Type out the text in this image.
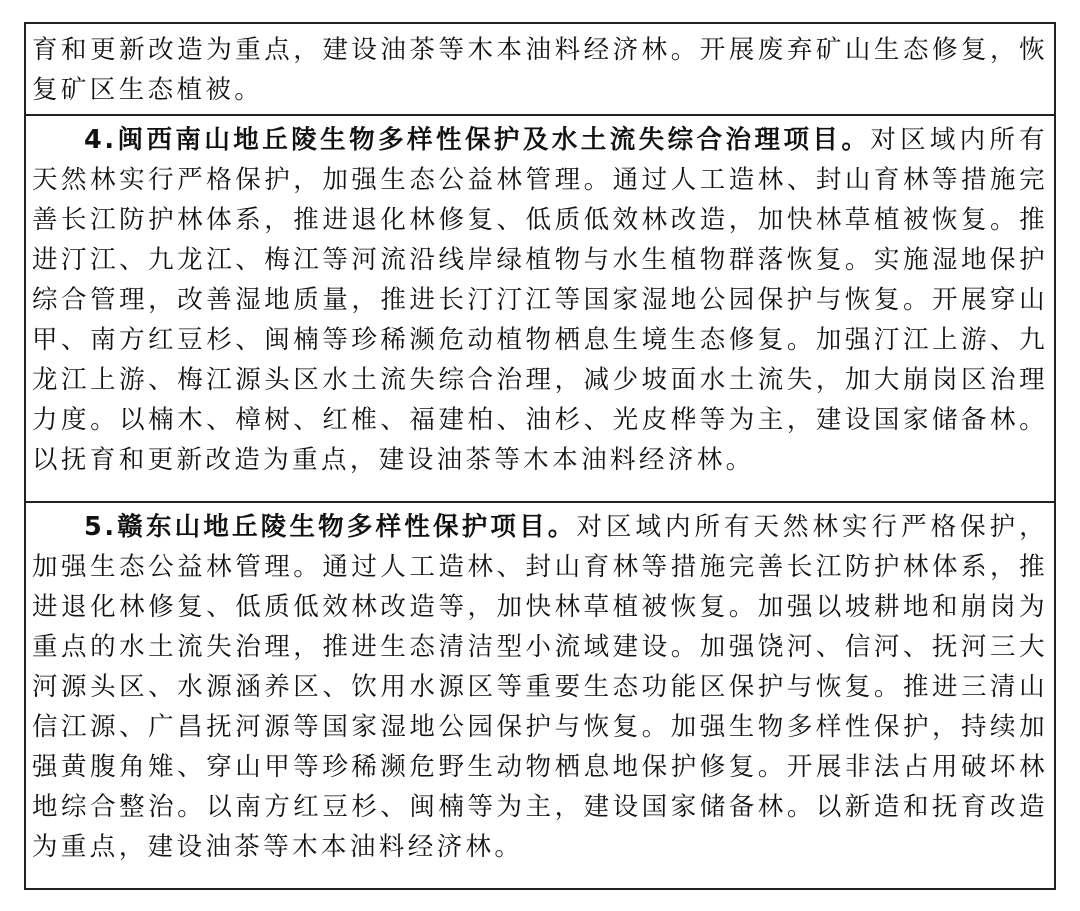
育和更新改造为重点，建设油茶等木本油料经济林。开展废弃矿山生态修复，恢复矿区生态植被。
4.闽西南山地丘陵生物多样性保护及水土流失综合治理项目。对区域内所有天然林实行严格保护，加强生态公益林管理。通过人工造林、封山育林等措施完善长江防护林体系，推进退化林修复、低质低效林改造，加快林草植被恢复。推进汀江、九龙江、梅江等河流沿线岸绿植物与水生植物群落恢复。实施湿地保护综合管理，改善湿地质量，推进长汀汀江等国家湿地公园保护与恢复。开展穿山甲、南方红豆杉、闽楠等珍稀濒危动植物栖息生境生态修复。加强汀江上游、九龙江上游、梅江源头区水土流失综合治理，减少坡面水土流失，加大崩岗区治理力度。以楠木、樟树、红椎、福建柏、油杉、光皮桦等为主，建设国家储备林。以抚育和更新改造为重点，建设油茶等木本油料经济林。
5.赣东山地丘陵生物多样性保护项目。对区域内所有天然林实行严格保护，加强生态公益林管理。通过人工造林、封山育林等措施完善长江防护林体系，推进退化林修复、低质低效林改造等，加快林草植被恢复。加强以坡耕地和崩岗为重点的水土流失治理，推进生态清洁型小流域建设。加强饶河、信河、抚河三大河源头区、水源涵养区、饮用水源区等重要生态功能区保护与恢复。推进三清山信江源、广昌抚河源等国家湿地公园保护与恢复。加强生物多样性保护，持续加强黄腹角雉、穿山甲等珍稀濒危野生动物栖息地保护修复。开展非法占用破坏林地综合整治。以南方红豆杉、闽楠等为主，建设国家储备林。以新造和抚育改造为重点，建设油茶等木本油料经济林。
